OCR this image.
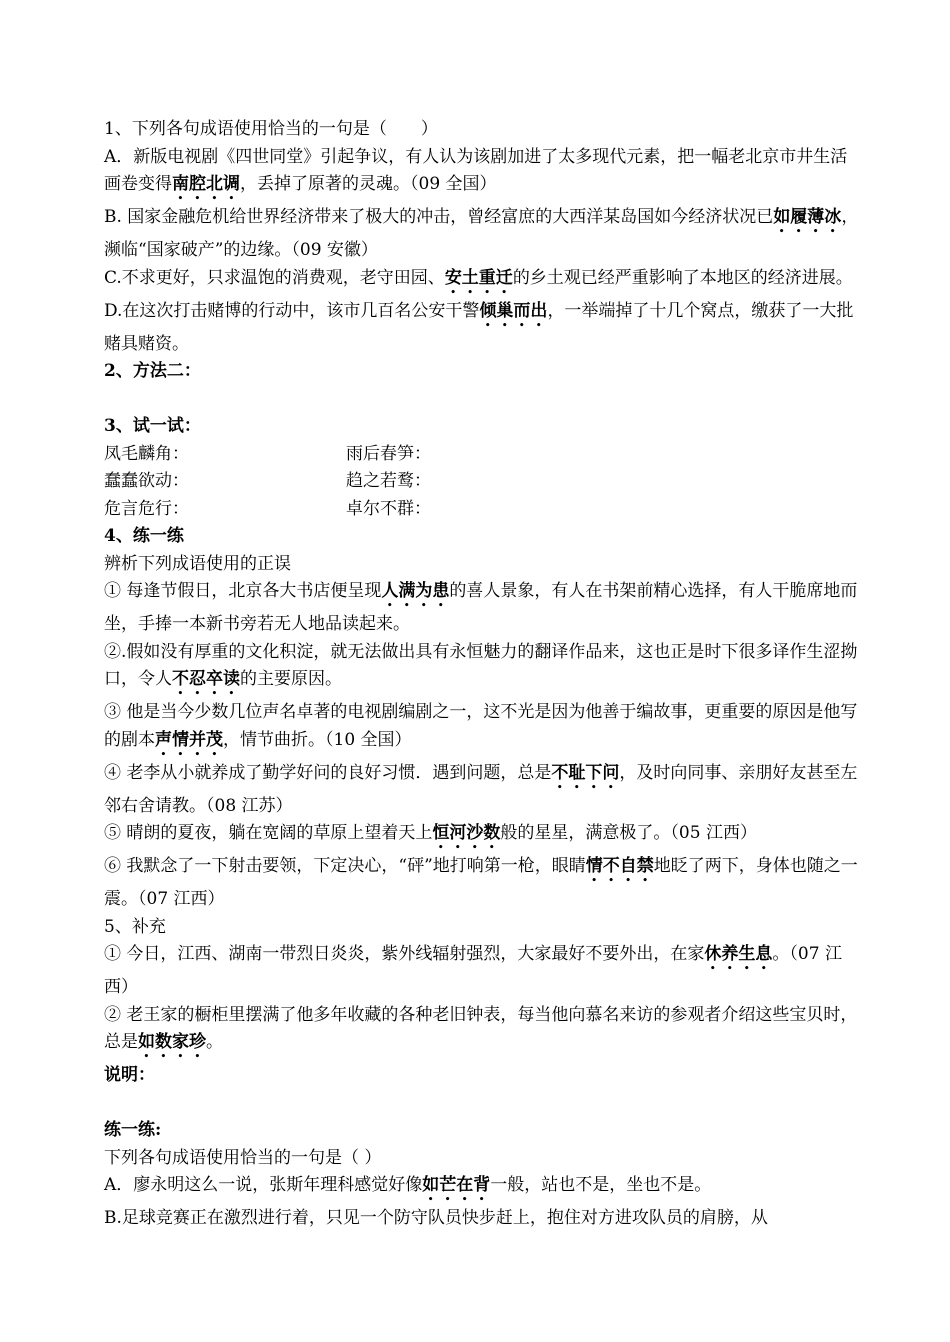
1、下列各句成语使用恰当的一句是（　　）
A．新版电视剧《四世同堂》引起争议，有人认为该剧加进了太多现代元素，把一幅老北京市井生活画卷变得南腔北调，丢掉了原著的灵魂。（09 全国）
B. 国家金融危机给世界经济带来了极大的冲击，曾经富庶的大西洋某岛国如今经济状况已如履薄冰，濒临“国家破产”的边缘。（09 安徽）
C.不求更好，只求温饱的消费观，老守田园、安土重迁的乡土观已经严重影响了本地区的经济进展。
D.在这次打击赌博的行动中，该市几百名公安干警倾巢而出，一举端掉了十几个窝点，缴获了一大批赌具赌资。
2、方法二：
3、试一试：
凤毛麟角：	雨后春笋：
蠢蠢欲动：	趋之若鹜：
危言危行：	卓尔不群：
4、练一练
辨析下列成语使用的正误
① 每逢节假日，北京各大书店便呈现人满为患的喜人景象，有人在书架前精心选择，有人干脆席地而坐，手捧一本新书旁若无人地品读起来。
②.假如没有厚重的文化积淀，就无法做出具有永恒魅力的翻译作品来，这也正是时下很多译作生涩拗口，令人不忍卒读的主要原因。
③ 他是当今少数几位声名卓著的电视剧编剧之一，这不光是因为他善于编故事，更重要的原因是他写的剧本声情并茂，情节曲折。（10 全国）
④ 老李从小就养成了勤学好问的良好习惯．遇到问题，总是不耻下问，及时向同事、亲朋好友甚至左邻右舍请教。（08 江苏）
⑤ 晴朗的夏夜，躺在宽阔的草原上望着天上恒河沙数般的星星，满意极了。（05 江西）
⑥ 我默念了一下射击要领，下定决心，“砰”地打响第一枪，眼睛情不自禁地眨了两下，身体也随之一震。（07 江西）
5、补充
① 今日，江西、湖南一带烈日炎炎，紫外线辐射强烈，大家最好不要外出，在家休养生息。（07 江西）
② 老王家的橱柜里摆满了他多年收藏的各种老旧钟表，每当他向慕名来访的参观者介绍这些宝贝时，总是如数家珍。
说明：
练一练:
下列各句成语使用恰当的一句是（ ）
A．廖永明这么一说，张斯年理科感觉好像如芒在背一般，站也不是，坐也不是。
B.足球竞赛正在激烈进行着，只见一个防守队员快步赶上，抱住对方进攻队员的肩膀，从
